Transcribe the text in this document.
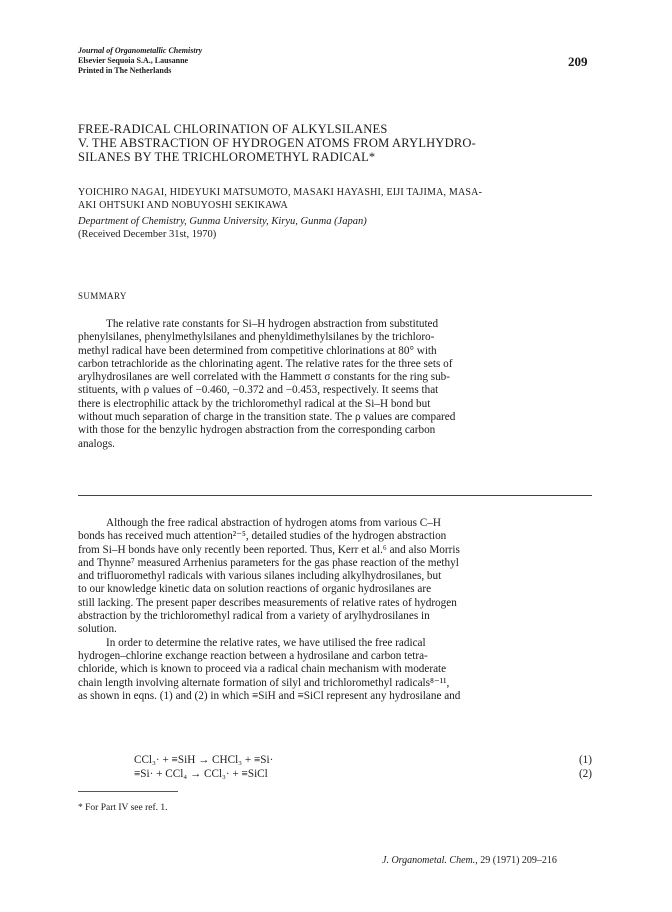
Journal of Organometallic Chemistry
Elsevier Sequoia S.A., Lausanne
Printed in The Netherlands
209
FREE-RADICAL CHLORINATION OF ALKYLSILANES
V. THE ABSTRACTION OF HYDROGEN ATOMS FROM ARYLHYDRO-
SILANES BY THE TRICHLOROMETHYL RADICAL*
YOICHIRO NAGAI, HIDEYUKI MATSUMOTO, MASAKI HAYASHI, EIJI TAJIMA, MASA-
AKI OHTSUKI AND NOBUYOSHI SEKIKAWA
Department of Chemistry, Gunma University, Kiryu, Gunma (Japan)
(Received December 31st, 1970)
SUMMARY
The relative rate constants for Si–H hydrogen abstraction from substituted
phenylsilanes, phenylmethylsilanes and phenyldimethylsilanes by the trichloro-
methyl radical have been determined from competitive chlorinations at 80° with
carbon tetrachloride as the chlorinating agent. The relative rates for the three sets of
arylhydrosilanes are well correlated with the Hammett σ constants for the ring sub-
stituents, with ρ values of −0.460, −0.372 and −0.453, respectively. It seems that
there is electrophilic attack by the trichloromethyl radical at the Si–H bond but
without much separation of charge in the transition state. The ρ values are compared
with those for the benzylic hydrogen abstraction from the corresponding carbon
analogs.
Although the free radical abstraction of hydrogen atoms from various C–H
bonds has received much attention²⁻⁵, detailed studies of the hydrogen abstraction
from Si–H bonds have only recently been reported. Thus, Kerr et al.⁶ and also Morris
and Thynne⁷ measured Arrhenius parameters for the gas phase reaction of the methyl
and trifluoromethyl radicals with various silanes including alkylhydrosilanes, but
to our knowledge kinetic data on solution reactions of organic hydrosilanes are
still lacking. The present paper describes measurements of relative rates of hydrogen
abstraction by the trichloromethyl radical from a variety of arylhydrosilanes in
solution.
In order to determine the relative rates, we have utilised the free radical
hydrogen–chlorine exchange reaction between a hydrosilane and carbon tetra-
chloride, which is known to proceed via a radical chain mechanism with moderate
chain length involving alternate formation of silyl and trichloromethyl radicals⁸⁻¹¹,
as shown in eqns. (1) and (2) in which ≡SiH and ≡SiCl represent any hydrosilane and
CCl₃· + ≡SiH → CHCl₃ + ≡Si·	(1)
≡Si· + CCl₄ → CCl₃· + ≡SiCl	(2)
* For Part IV see ref. 1.
J. Organometal. Chem., 29 (1971) 209–216
